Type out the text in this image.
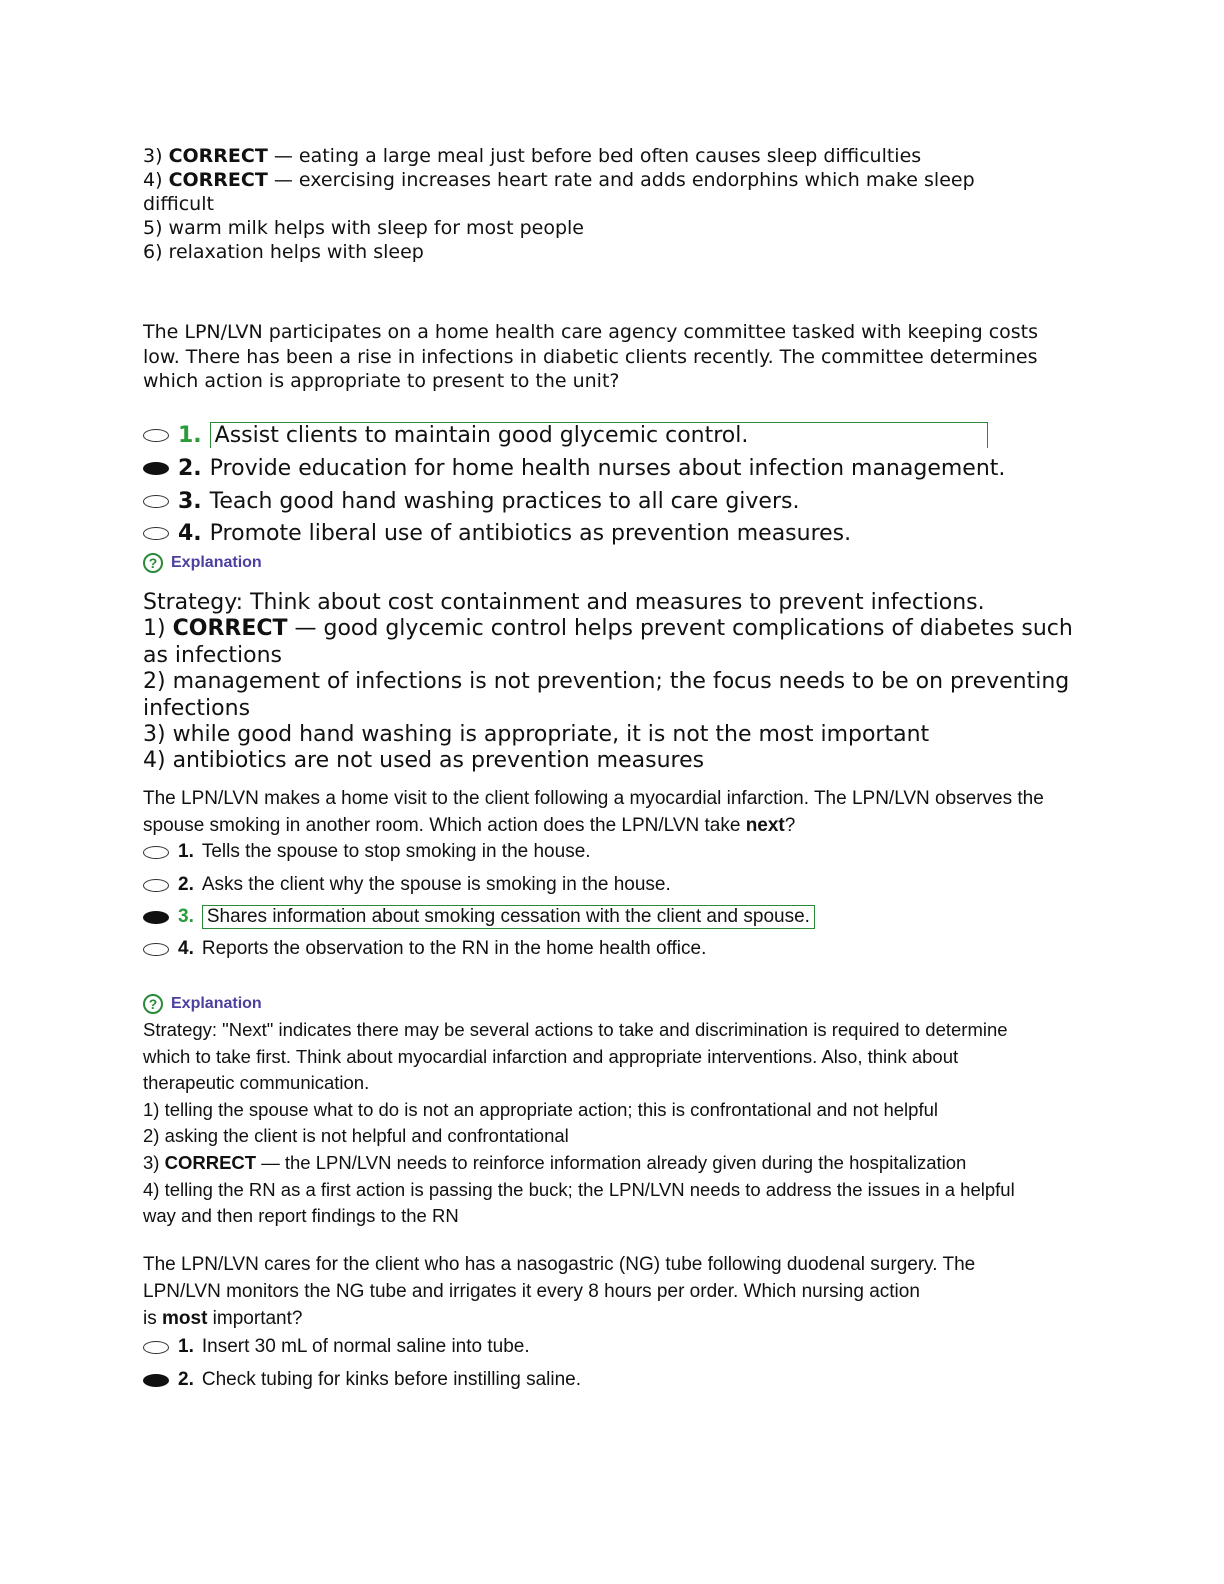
3) CORRECT — eating a large meal just before bed often causes sleep difficulties
4) CORRECT — exercising increases heart rate and adds endorphins which make sleep
difficult
5) warm milk helps with sleep for most people
6) relaxation helps with sleep
The LPN/LVN participates on a home health care agency committee tasked with keeping costs low. There has been a rise in infections in diabetic clients recently. The committee determines which action is appropriate to present to the unit?
1. Assist clients to maintain good glycemic control.
2. Provide education for home health nurses about infection management.
3. Teach good hand washing practices to all care givers.
4. Promote liberal use of antibiotics as prevention measures.
? Explanation
Strategy: Think about cost containment and measures to prevent infections.
1) CORRECT — good glycemic control helps prevent complications of diabetes such as infections
2) management of infections is not prevention; the focus needs to be on preventing infections
3) while good hand washing is appropriate, it is not the most important
4) antibiotics are not used as prevention measures
The LPN/LVN makes a home visit to the client following a myocardial infarction. The LPN/LVN observes the spouse smoking in another room. Which action does the LPN/LVN take next?
1. Tells the spouse to stop smoking in the house.
2. Asks the client why the spouse is smoking in the house.
3. Shares information about smoking cessation with the client and spouse.
4. Reports the observation to the RN in the home health office.
? Explanation
Strategy: "Next" indicates there may be several actions to take and discrimination is required to determine which to take first. Think about myocardial infarction and appropriate interventions. Also, think about therapeutic communication.
1) telling the spouse what to do is not an appropriate action; this is confrontational and not helpful
2) asking the client is not helpful and confrontational
3) CORRECT — the LPN/LVN needs to reinforce information already given during the hospitalization
4) telling the RN as a first action is passing the buck; the LPN/LVN needs to address the issues in a helpful way and then report findings to the RN
The LPN/LVN cares for the client who has a nasogastric (NG) tube following duodenal surgery. The
LPN/LVN monitors the NG tube and irrigates it every 8 hours per order. Which nursing action
is most important?
1. Insert 30 mL of normal saline into tube.
2. Check tubing for kinks before instilling saline.
